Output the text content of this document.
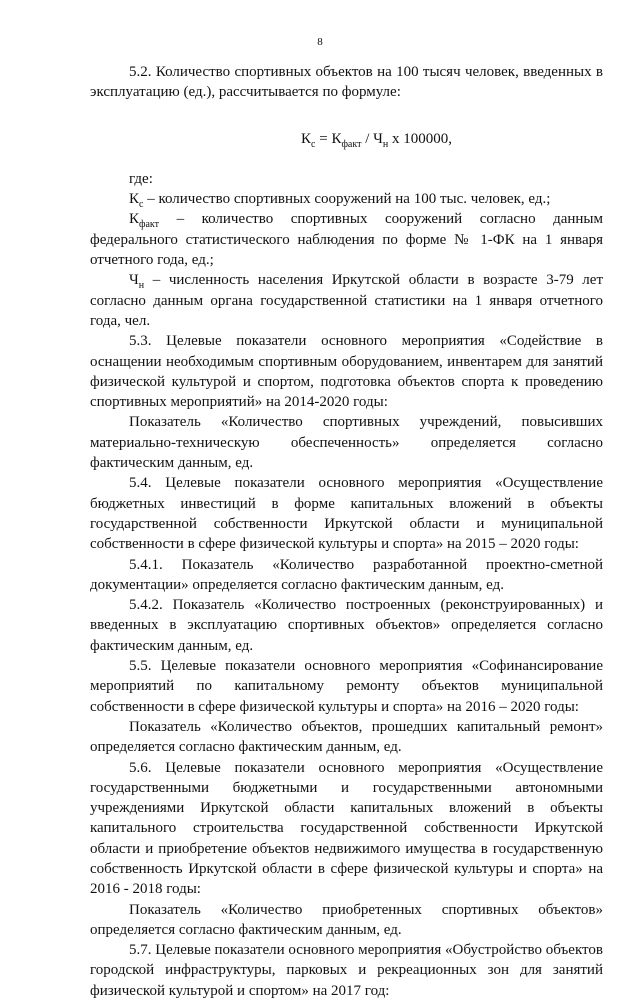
8

5.2. Количество спортивных объектов на 100 тысяч человек, введенных в эксплуатацию (ед.), рассчитывается по формуле:

$К_с = К_{факт} / Ч_н$ х 100000,

где:

$К_с$ – количество спортивных сооружений на 100 тыс. человек, ед.;

$К_{факт}$ – количество спортивных сооружений согласно данным федерального статистического наблюдения по форме № 1-ФК на 1 января отчетного года, ед.;

$Ч_н$ – численность населения Иркутской области в возрасте 3-79 лет согласно данным органа государственной статистики на 1 января отчетного года, чел.

5.3. Целевые показатели основного мероприятия «Содействие в оснащении необходимым спортивным оборудованием, инвентарем для занятий физической культурой и спортом, подготовка объектов спорта к проведению спортивных мероприятий» на 2014-2020 годы:

Показатель «Количество спортивных учреждений, повысивших материально-техническую обеспеченность» определяется согласно фактическим данным, ед.

5.4. Целевые показатели основного мероприятия «Осуществление бюджетных инвестиций в форме капитальных вложений в объекты государственной собственности Иркутской области и муниципальной собственности в сфере физической культуры и спорта» на 2015 – 2020 годы:

5.4.1. Показатель «Количество разработанной проектно-сметной документации» определяется согласно фактическим данным, ед.

5.4.2. Показатель «Количество построенных (реконструированных) и введенных в эксплуатацию спортивных объектов» определяется согласно фактическим данным, ед.

5.5. Целевые показатели основного мероприятия «Софинансирование мероприятий по капитальному ремонту объектов муниципальной собственности в сфере физической культуры и спорта» на 2016 – 2020 годы:

Показатель «Количество объектов, прошедших капитальный ремонт» определяется согласно фактическим данным, ед.

5.6. Целевые показатели основного мероприятия «Осуществление государственными бюджетными и государственными автономными учреждениями Иркутской области капитальных вложений в объекты капитального строительства государственной собственности Иркутской области и приобретение объектов недвижимого имущества в государственную собственность Иркутской области в сфере физической культуры и спорта» на 2016 - 2018 годы:

Показатель «Количество приобретенных спортивных объектов» определяется согласно фактическим данным, ед.

5.7. Целевые показатели основного мероприятия «Обустройство объектов городской инфраструктуры, парковых и рекреационных зон для занятий физической культурой и спортом» на 2017 год:
